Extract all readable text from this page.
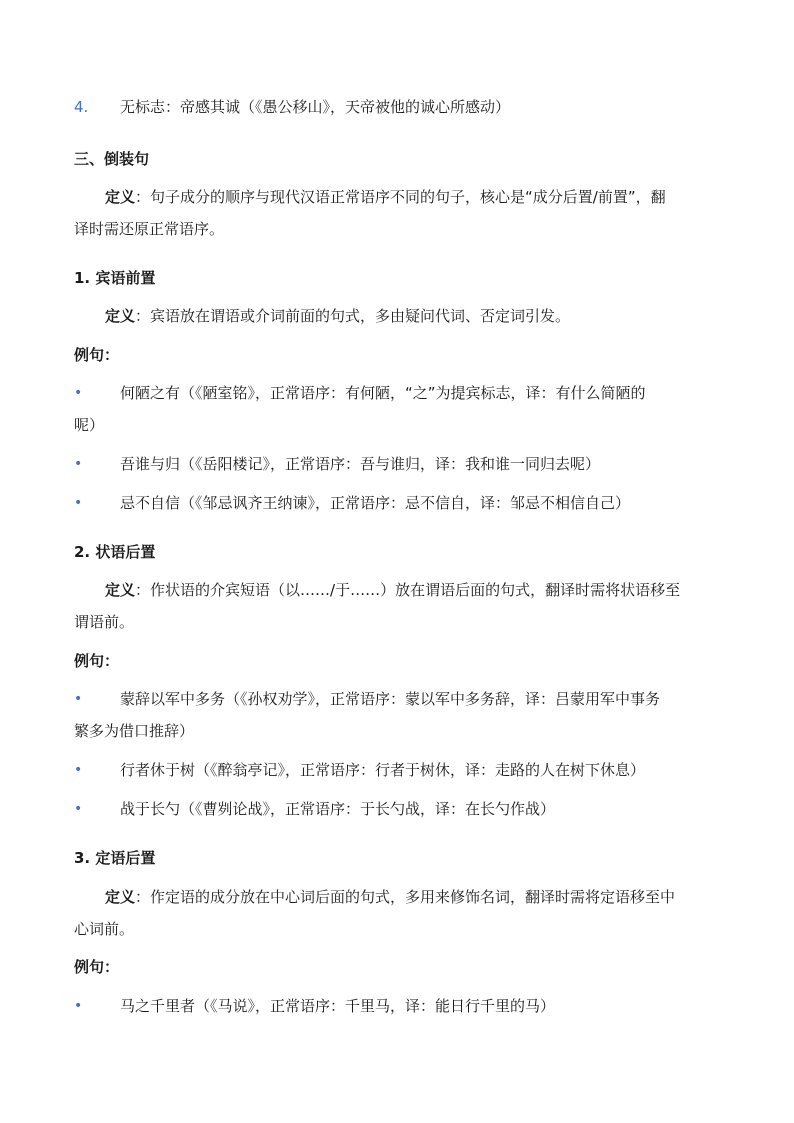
4. 无标志：帝感其诚（《愚公移山》，天帝被他的诚心所感动）
三、倒装句
定义：句子成分的顺序与现代汉语正常语序不同的句子，核心是“成分后置/前置”，翻
译时需还原正常语序。
1. 宾语前置
定义：宾语放在谓语或介词前面的句式，多由疑问代词、否定词引发。
例句：
•	何陋之有（《陋室铭》，正常语序：有何陋，“之”为提宾标志，译：有什么简陋的
呢）
•	吾谁与归（《岳阳楼记》，正常语序：吾与谁归，译：我和谁一同归去呢）
•	忌不自信（《邹忌讽齐王纳谏》，正常语序：忌不信自，译：邹忌不相信自己）
2. 状语后置
定义：作状语的介宾短语（以……/于……）放在谓语后面的句式，翻译时需将状语移至
谓语前。
例句：
•	蒙辞以军中多务（《孙权劝学》，正常语序：蒙以军中多务辞，译：吕蒙用军中事务
繁多为借口推辞）
•	行者休于树（《醉翁亭记》，正常语序：行者于树休，译：走路的人在树下休息）
•	战于长勺（《曹刿论战》，正常语序：于长勺战，译：在长勺作战）
3. 定语后置
定义：作定语的成分放在中心词后面的句式，多用来修饰名词，翻译时需将定语移至中
心词前。
例句：
•	马之千里者（《马说》，正常语序：千里马，译：能日行千里的马）
